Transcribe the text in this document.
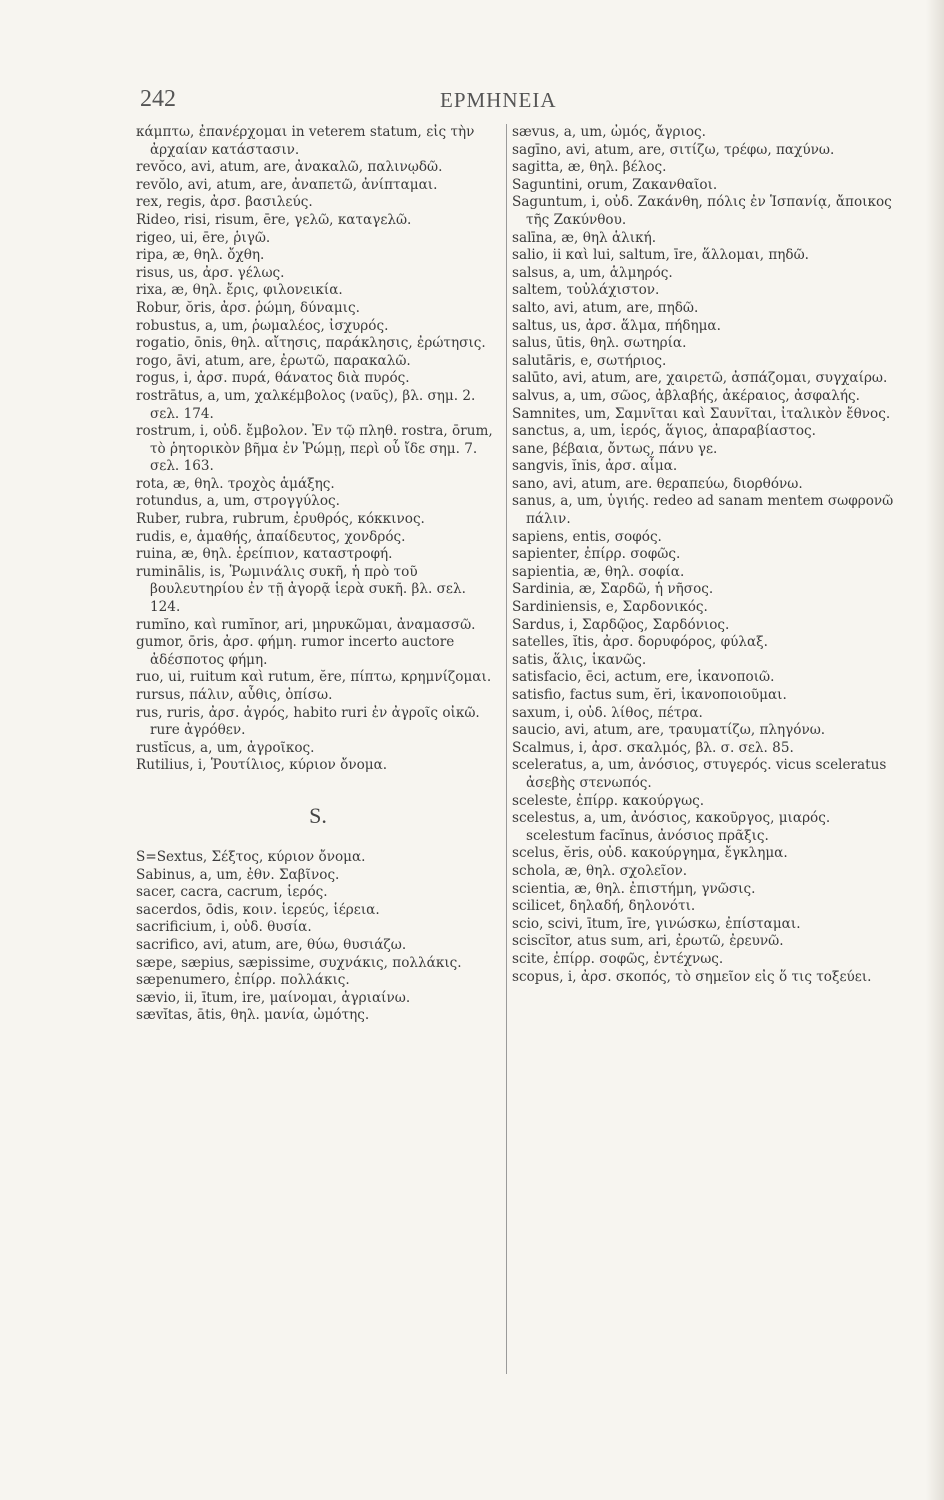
242	ΕΡΜΗΝΕΙΑ

κάμπτω, ἐπανέρχομαι in veterem statum, εἰς τὴν ἀρχαίαν κατάστασιν.

revŏco, avi, atum, are, ἀνακαλῶ, παλινῳδῶ.

revŏlo, avi, atum, are, ἀναπετῶ, ἀνίπταμαι.

rex, regis, ἀρσ. βασιλεύς.

Rideo, risi, risum, ēre, γελῶ, καταγελῶ.

rigeo, ui, ēre, ῥιγῶ.

ripa, æ, θηλ. ὄχθη.

risus, us, ἀρσ. γέλως.

rixa, æ, θηλ. ἔρις, φιλονεικία.

Robur, ŏris, ἀρσ. ῥώμη, δύναμις.

robustus, a, um, ῥωμαλέος, ἰσχυρός.

rogatio, ōnis, θηλ. αἴτησις, παράκλησις, ἐρώτησις.

rogo, āvi, atum, are, ἐρωτῶ, παρακαλῶ.

rogus, i, ἀρσ. πυρά, θάνατος διὰ πυρός.

rostrātus, a, um, χαλκέμβολος (ναῦς), βλ. σημ. 2. σελ. 174.

rostrum, i, οὐδ. ἔμβολον. Ἐν τῷ πληθ. rostra, ōrum, τὸ ῥητορικὸν βῆμα ἐν Ῥώμῃ, περὶ οὗ ἴδε σημ. 7. σελ. 163.

rota, æ, θηλ. τροχὸς ἁμάξης.

rotundus, a, um, στρογγύλος.

Ruber, rubra, rubrum, ἐρυθρός, κόκκινος.

rudis, e, ἀμαθής, ἀπαίδευτος, χονδρός.

ruina, æ, θηλ. ἐρείπιον, καταστροφή.

ruminālis, is, Ῥωμινάλις συκῆ, ἡ πρὸ τοῦ βουλευτηρίου ἐν τῇ ἀγορᾷ ἱερὰ συκῆ. βλ. σελ. 124.

rumĭno, καὶ rumĭnor, ari, μηρυκῶμαι, ἀναμασσῶ.

gumor, ōris, ἀρσ. φήμη. rumor incerto auctore ἀδέσποτος φήμη.

ruo, ui, ruitum καὶ rutum, ĕre, πίπτω, κρημνίζομαι.

rursus, πάλιν, αὖθις, ὀπίσω.

rus, ruris, ἀρσ. ἀγρός, habito ruri ἐν ἀγροῖς οἰκῶ. rure ἀγρόθεν.

rustĭcus, a, um, ἀγροῖκος.

Rutilius, i, Ῥουτίλιος, κύριον ὄνομα.

S.

S=Sextus, Σέξτος, κύριον ὄνομα.

Sabinus, a, um, ἐθν. Σαβῖνος.

sacer, cacra, cacrum, ἱερός.

sacerdos, ōdis, κοιν. ἱερεύς, ἱέρεια.

sacrificium, i, οὐδ. θυσία.

sacrifico, avi, atum, are, θύω, θυσιάζω.

sæpe, sæpius, sæpissime, συχνάκις, πολλάκις.

sæpenumero, ἐπίρρ. πολλάκις.

sævio, ii, ītum, ire, μαίνομαι, ἀγριαίνω.

sævĭtas, ātis, θηλ. μανία, ὠμότης.

sævus, a, um, ὠμός, ἄγριος.

sagīno, avi, atum, are, σιτίζω, τρέφω, παχύνω.

sagitta, æ, θηλ. βέλος.

Saguntini, orum, Ζακανθαῖοι.

Saguntum, i, οὐδ. Ζακάνθη, πόλις ἐν Ἱσπανίᾳ, ἄποικος τῆς Ζακύνθου.

salīna, æ, θηλ ἁλική.

salio, ii καὶ lui, saltum, īre, ἅλλομαι, πηδῶ.

salsus, a, um, ἁλμηρός.

saltem, τοὐλάχιστον.

salto, avi, atum, are, πηδῶ.

saltus, us, ἀρσ. ἅλμα, πήδημα.

salus, ūtis, θηλ. σωτηρία.

salutāris, e, σωτήριος.

salūto, avi, atum, are, χαιρετῶ, ἀσπάζομαι, συγχαίρω.

salvus, a, um, σῶος, ἀβλαβής, ἀκέραιος, ἀσφαλής.

Samnites, um, Σαμνῖται καὶ Σαυνῖται, ἰταλικὸν ἔθνος.

sanctus, a, um, ἱερός, ἅγιος, ἀπαραβίαστος.

sane, βέβαια, ὄντως, πάνυ γε.

sangvis, ĭnis, ἀρσ. αἷμα.

sano, avi, atum, are. θεραπεύω, διορθόνω.

sanus, a, um, ὑγιής. redeo ad sanam mentem σωφρονῶ πάλιν.

sapiens, entis, σοφός.

sapienter, ἐπίρρ. σοφῶς.

sapientia, æ, θηλ. σοφία.

Sardinia, æ, Σαρδῶ, ἡ νῆσος.

Sardiniensis, e, Σαρδονικός.

Sardus, i, Σαρδῷος, Σαρδόνιος.

satelles, ĭtis, ἀρσ. δορυφόρος, φύλαξ.

satis, ἅλις, ἱκανῶς.

satisfacio, ēci, actum, ere, ἱκανοποιῶ.

satisfio, factus sum, ĕri, ἱκανοποιοῦμαι.

saxum, i, οὐδ. λίθος, πέτρα.

saucio, avi, atum, are, τραυματίζω, πληγόνω.

Scalmus, i, ἀρσ. σκαλμός, βλ. σ. σελ. 85.

sceleratus, a, um, ἀνόσιος, στυγερός. vicus sceleratus ἀσεβὴς στενωπός.

sceleste, ἐπίρρ. κακούργως.

scelestus, a, um, ἀνόσιος, κακοῦργος, μιαρός. scelestum facĭnus, ἀνόσιος πρᾶξις.

scelus, ĕris, οὐδ. κακούργημα, ἔγκλημα.

schola, æ, θηλ. σχολεῖον.

scientia, æ, θηλ. ἐπιστήμη, γνῶσις.

scilicet, δηλαδή, δηλονότι.

scio, scivi, ītum, īre, γινώσκω, ἐπίσταμαι.

scisсĭtor, atus sum, ari, ἐρωτῶ, ἐρευνῶ.

scite, ἐπίρρ. σοφῶς, ἐντέχνως.

scopus, i, ἀρσ. σκοπός, τὸ σημεῖον εἰς ὅ τις τοξεύει.
